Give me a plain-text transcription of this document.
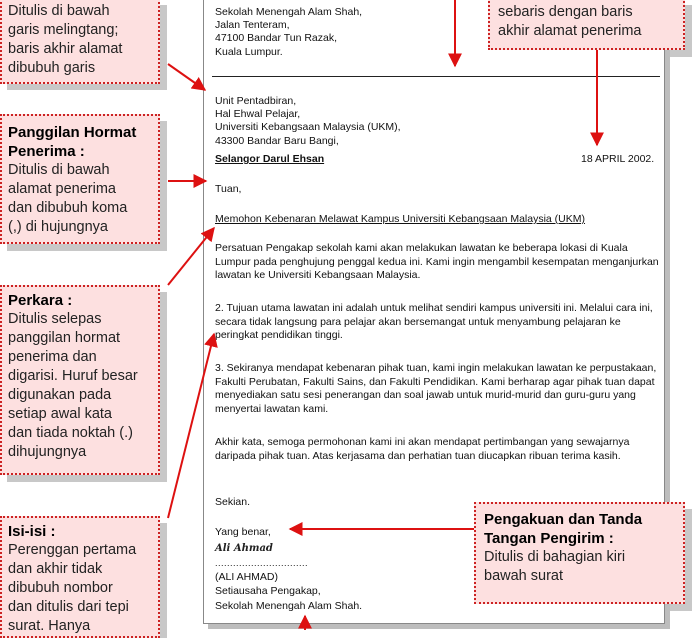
Sekolah Menengah Alam Shah,
Jalan Tenteram,
47100 Bandar Tun Razak,
Kuala Lumpur.
Unit Pentadbiran,
Hal Ehwal Pelajar,
Universiti Kebangsaan Malaysia (UKM),
43300 Bandar Baru Bangi,
Selangor Darul Ehsan	18 APRIL 2002.
Tuan,
Memohon Kebenaran Melawat Kampus Universiti Kebangsaan Malaysia (UKM)
Persatuan Pengakap sekolah kami akan melakukan lawatan ke beberapa lokasi di Kuala Lumpur pada penghujung penggal kedua ini. Kami ingin mengambil kesempatan menganjurkan lawatan ke Universiti Kebangsaan Malaysia.
2. Tujuan utama lawatan ini adalah untuk melihat sendiri kampus universiti ini. Melalui cara ini, secara tidak langsung para pelajar akan bersemangat untuk menyambung pelajaran ke peringkat pendidikan tinggi.
3. Sekiranya mendapat kebenaran pihak tuan, kami ingin melakukan lawatan ke perpustakaan, Fakulti Perubatan, Fakulti Sains, dan Fakulti Pendidikan. Kami berharap agar pihak tuan dapat menyediakan satu sesi penerangan dan soal jawab untuk murid-murid dan guru-guru yang menyertai lawatan kami.
Akhir kata, semoga permohonan kami ini akan mendapat pertimbangan yang sewajarnya daripada pihak tuan. Atas kerjasama dan perhatian tuan diucapkan ribuan terima kasih.
Sekian.
Yang benar,
Ali Ahmad
...............................
(ALI AHMAD)
Setiausaha Pengakap,
Sekolah Menengah Alam Shah.
Ditulis di bawah
garis melingtang;
baris akhir alamat
dibubuh garis
sebaris dengan baris
akhir alamat penerima
Panggilan Hormat
Penerima :
Ditulis di bawah
alamat penerima
dan dibubuh koma
(,) di hujungnya
Perkara :
Ditulis selepas
panggilan hormat
penerima dan
digarisi. Huruf besar
digunakan pada
setiap awal kata
dan tiada noktah (.)
dihujungnya
Isi-isi :
Perenggan pertama
dan akhir tidak
dibubuh nombor
dan ditulis dari tepi
surat. Hanya
Pengakuan dan Tanda
Tangan Pengirim :
Ditulis di bahagian kiri
bawah surat
